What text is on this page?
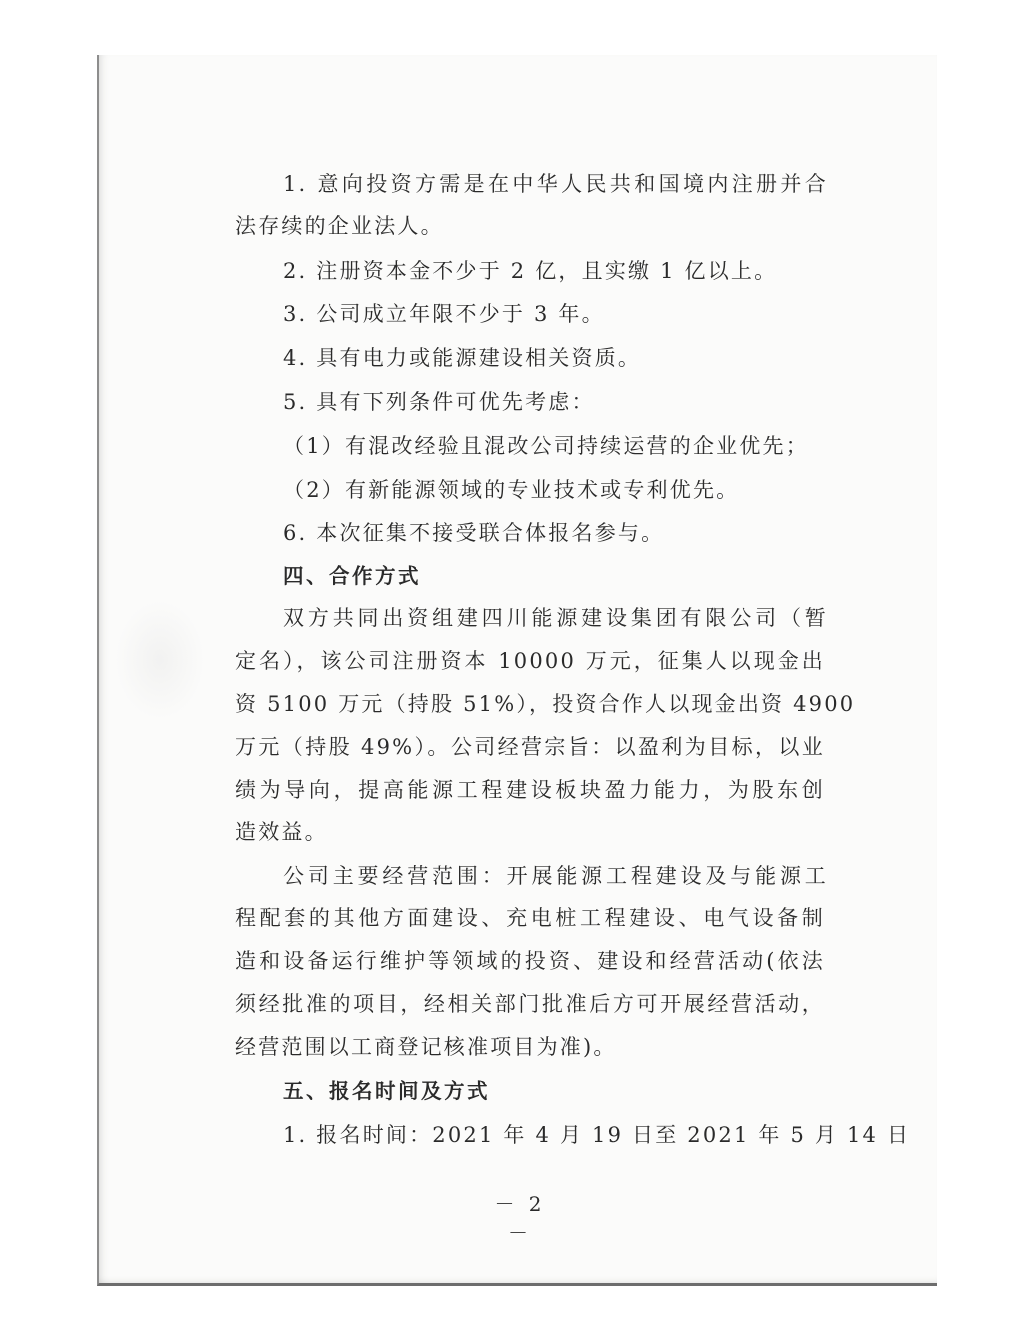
1. 意向投资方需是在中华人民共和国境内注册并合
法存续的企业法人。
2. 注册资本金不少于 2 亿，且实缴 1 亿以上。
3. 公司成立年限不少于 3 年。
4. 具有电力或能源建设相关资质。
5. 具有下列条件可优先考虑：
（1）有混改经验且混改公司持续运营的企业优先；
（2）有新能源领域的专业技术或专利优先。
6. 本次征集不接受联合体报名参与。
四、合作方式
双方共同出资组建四川能源建设集团有限公司（暂
定名），该公司注册资本 10000 万元，征集人以现金出
资 5100 万元（持股 51%），投资合作人以现金出资 4900
万元（持股 49%）。公司经营宗旨：以盈利为目标，以业
绩为导向，提高能源工程建设板块盈力能力，为股东创
造效益。
公司主要经营范围：开展能源工程建设及与能源工
程配套的其他方面建设、充电桩工程建设、电气设备制
造和设备运行维护等领域的投资、建设和经营活动(依法
须经批准的项目，经相关部门批准后方可开展经营活动，
经营范围以工商登记核准项目为准)。
五、报名时间及方式
1. 报名时间：2021 年 4 月 19 日至 2021 年 5 月 14 日
－ 2 －
